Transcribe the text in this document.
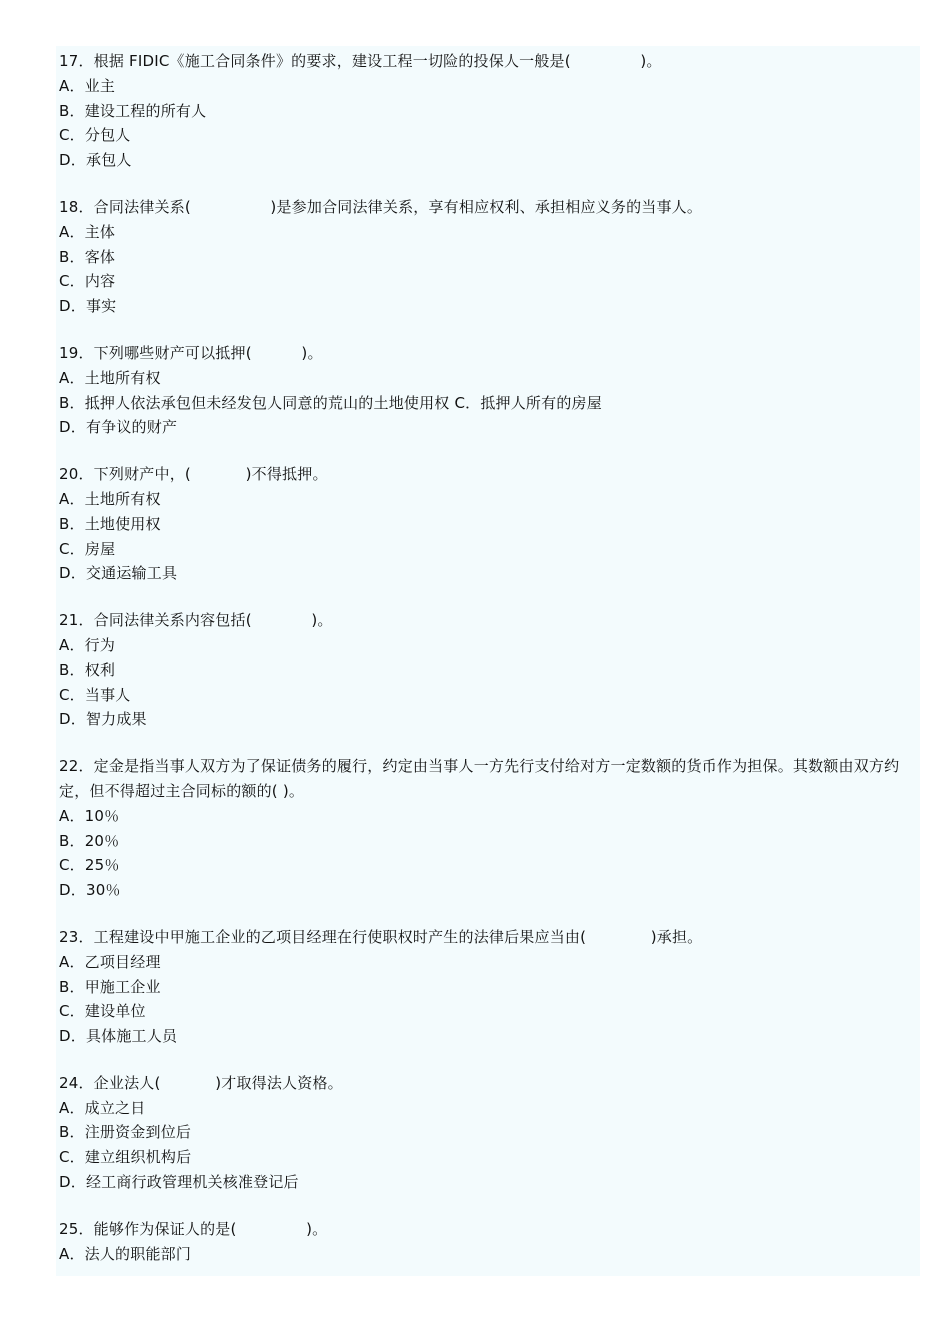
17．根据 FIDIC《施工合同条件》的要求，建设工程一切险的投保人一般是(              )。
A．业主
B．建设工程的所有人
C．分包人
D．承包人
18．合同法律关系(                )是参加合同法律关系，享有相应权利、承担相应义务的当事人。
A．主体
B．客体
C．内容
D．事实
19．下列哪些财产可以抵押(          )。
A．土地所有权
B．抵押人依法承包但未经发包人同意的荒山的土地使用权 C．抵押人所有的房屋
D．有争议的财产
20．下列财产中，(           )不得抵押。
A．土地所有权
B．土地使用权
C．房屋
D．交通运输工具
21．合同法律关系内容包括(            )。
A．行为
B．权利
C．当事人
D．智力成果
22．定金是指当事人双方为了保证债务的履行，约定由当事人一方先行支付给对方一定数额的货币作为担保。其数额由双方约定，但不得超过主合同标的额的( )。
A．10％
B．20％
C．25％
D．30％
23．工程建设中甲施工企业的乙项目经理在行使职权时产生的法律后果应当由(             )承担。
A．乙项目经理
B．甲施工企业
C．建设单位
D．具体施工人员
24．企业法人(           )才取得法人资格。
A．成立之日
B．注册资金到位后
C．建立组织机构后
D．经工商行政管理机关核准登记后
25．能够作为保证人的是(              )。
A．法人的职能部门
